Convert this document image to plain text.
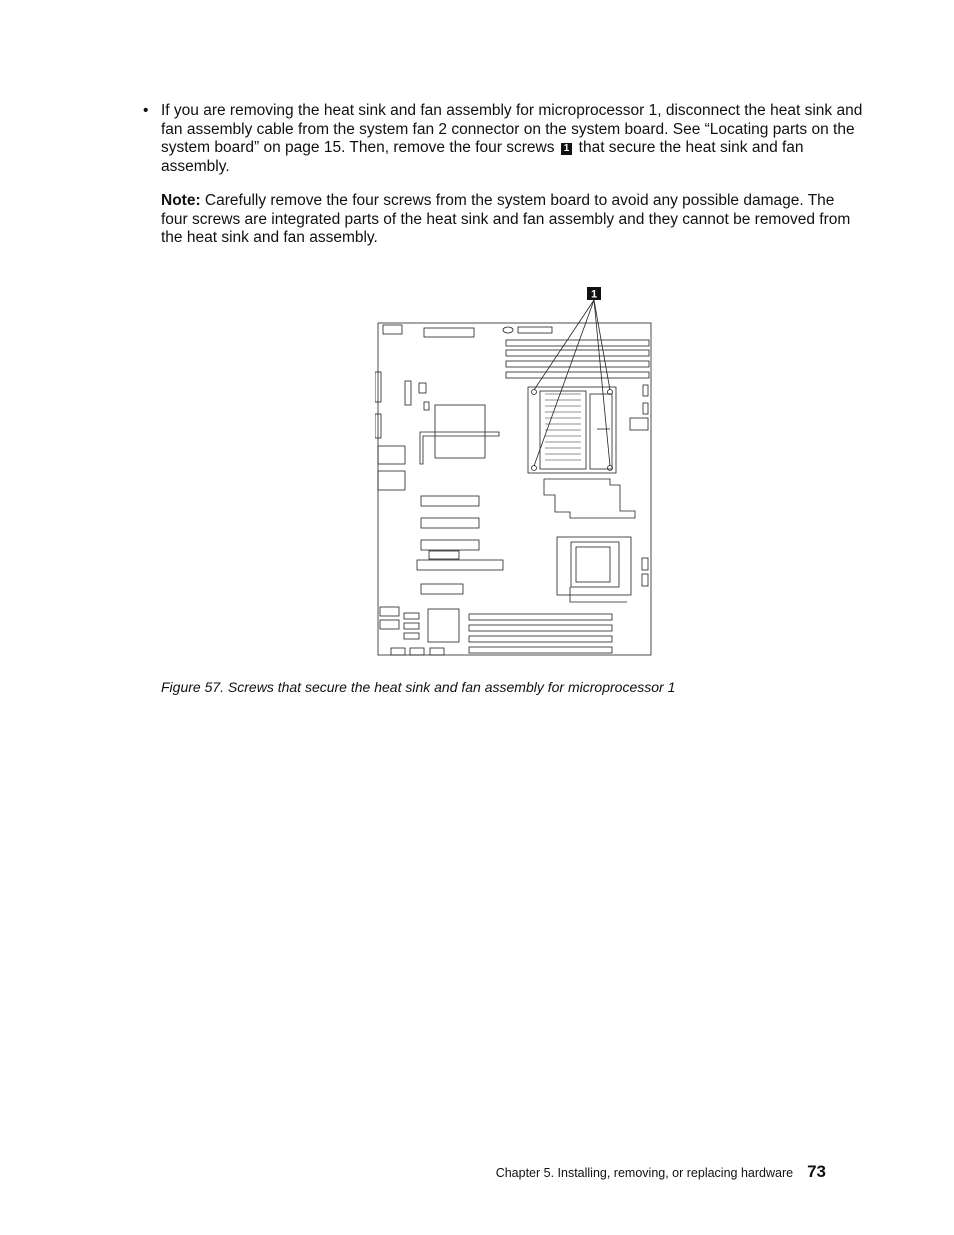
• If you are removing the heat sink and fan assembly for microprocessor 1, disconnect the heat sink and fan assembly cable from the system fan 2 connector on the system board. See “Locating parts on the system board” on page 15. Then, remove the four screws 1 that secure the heat sink and fan assembly.
Note: Carefully remove the four screws from the system board to avoid any possible damage. The four screws are integrated parts of the heat sink and fan assembly and they cannot be removed from the heat sink and fan assembly.
1
Figure 57. Screws that secure the heat sink and fan assembly for microprocessor 1
Chapter 5. Installing, removing, or replacing hardware 73
